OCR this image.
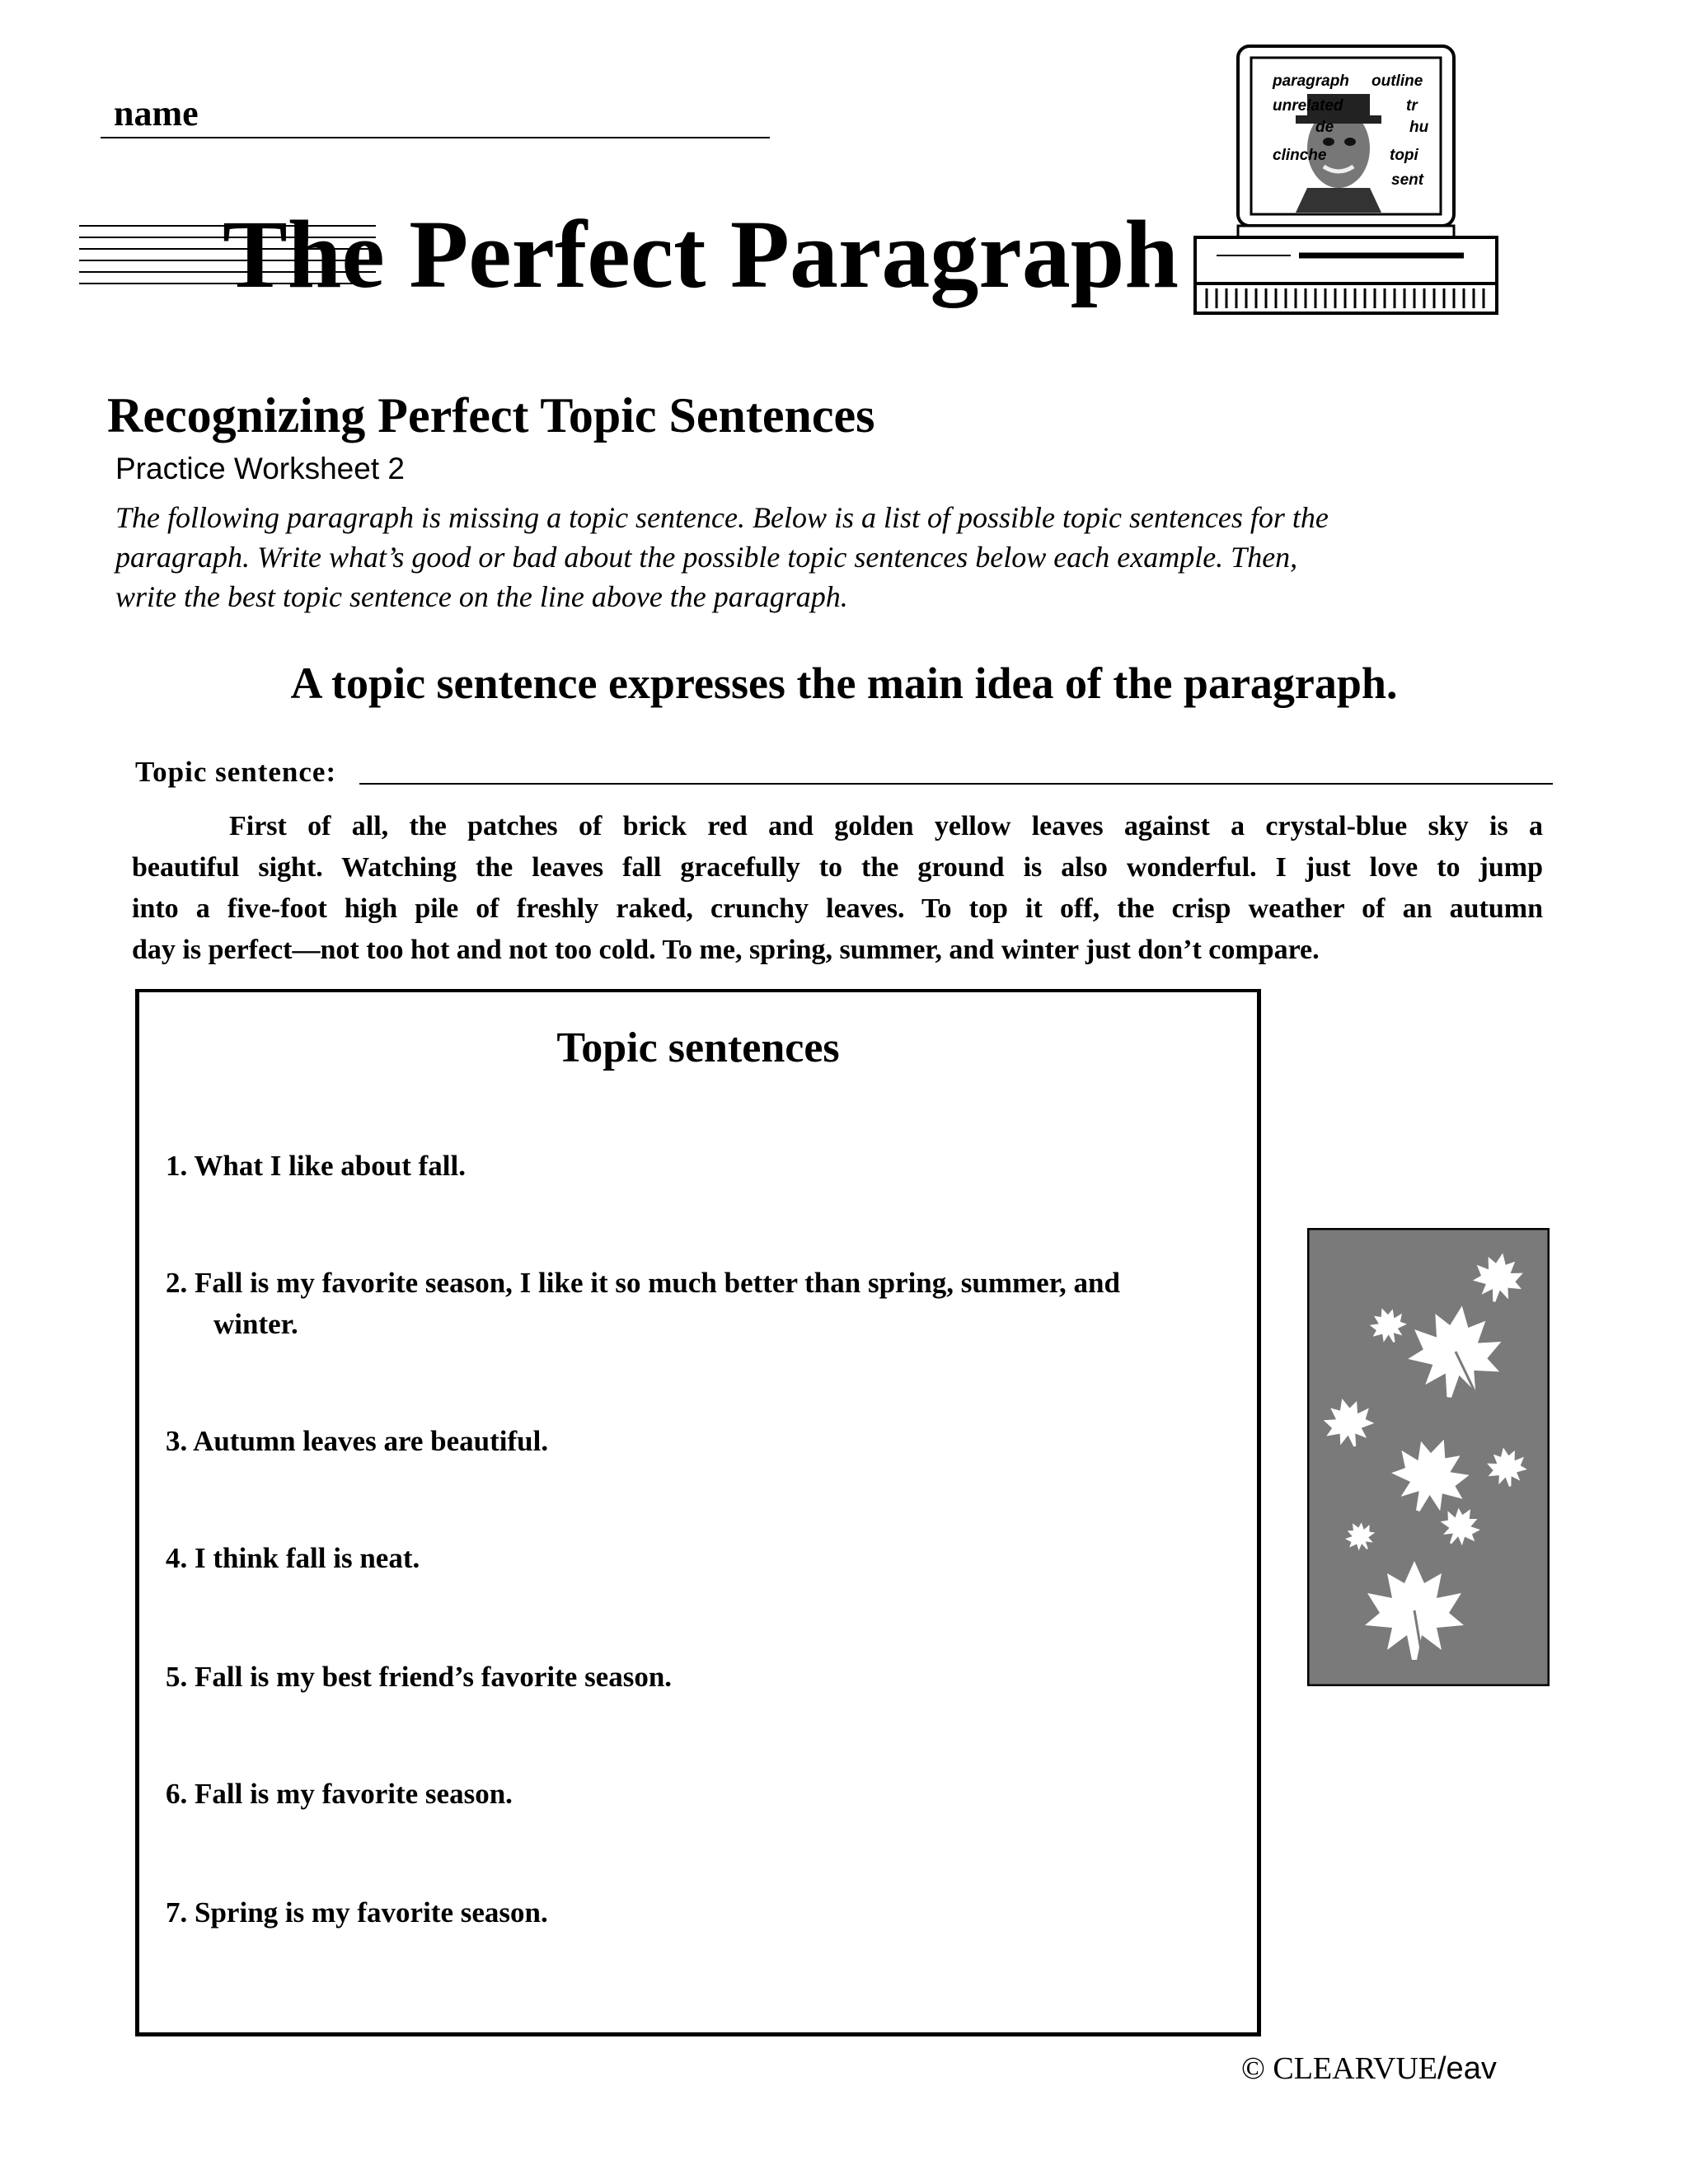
name
The Perfect Paragraph
paragraph outline
unrelated	tr
de	hu
clinche	topi
sent
Recognizing Perfect Topic Sentences
Practice Worksheet 2
The following paragraph is missing a topic sentence. Below is a list of possible topic sentences for the
paragraph. Write what’s good or bad about the possible topic sentences below each example. Then,
write the best topic sentence on the line above the paragraph.
A topic sentence expresses the main idea of the paragraph.
Topic sentence:
First of all, the patches of brick red and golden yellow leaves against a crystal-blue sky is a
beautiful sight. Watching the leaves fall gracefully to the ground is also wonderful. I just love to jump
into a five-foot high pile of freshly raked, crunchy leaves. To top it off, the crisp weather of an autumn
day is perfect—not too hot and not too cold. To me, spring, summer, and winter just don’t compare.
Topic sentences
1. What I like about fall.
2. Fall is my favorite season, I like it so much better than spring, summer, and
winter.
3. Autumn leaves are beautiful.
4. I think fall is neat.
5. Fall is my best friend’s favorite season.
6. Fall is my favorite season.
7. Spring is my favorite season.
© CLEARVUE/eav
